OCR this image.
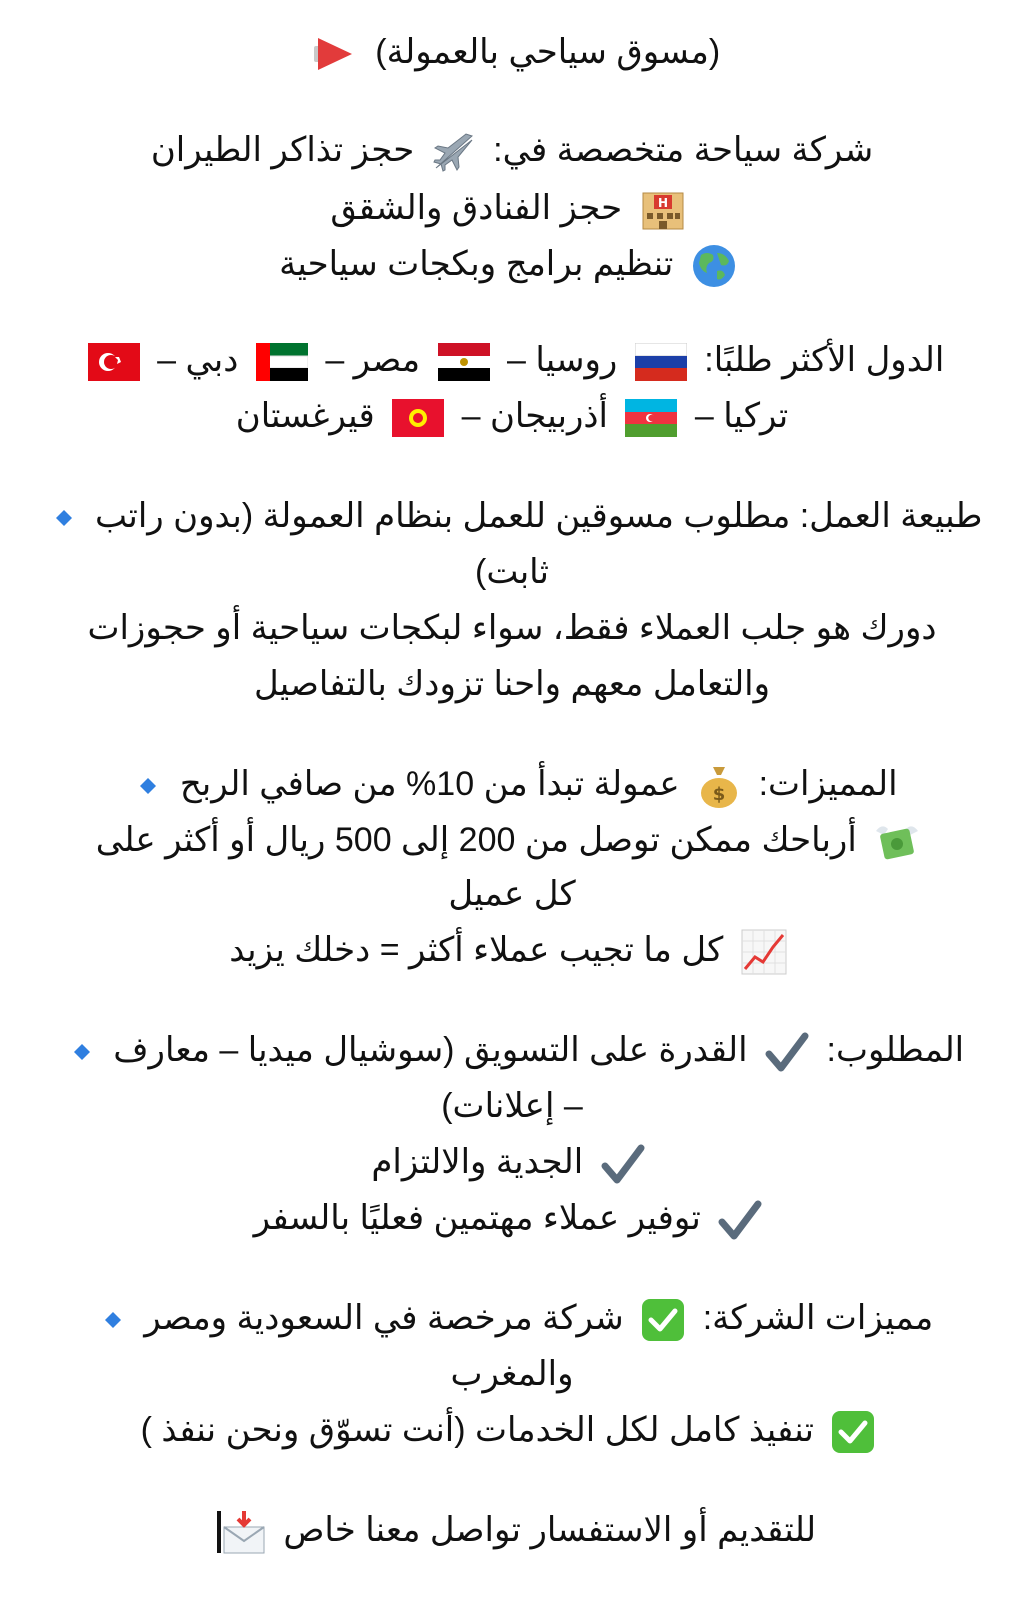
(مسوق سياحي بالعمولة)
شركة سياحة متخصصة في:
حجز تذاكر الطيران
H
حجز الفنادق والشقق
تنظيم برامج وبكجات سياحية
الدول الأكثر طلبًا:
روسيا –
مصر –
دبي –
تركيا –
أذربيجان –
قيرغستان
طبيعة العمل: مطلوب مسوقين للعمل بنظام العمولة (بدون راتب
ثابت)
دورك هو جلب العملاء فقط، سواء لبكجات سياحية أو حجوزات
والتعامل معهم واحنا تزودك بالتفاصيل
المميزات:
$
عمولة تبدأ من 10% من صافي الربح
أرباحك ممكن توصل من 200 إلى 500 ريال أو أكثر على
كل عميل
كل ما تجيب عملاء أكثر = دخلك يزيد
المطلوب:
القدرة على التسويق (سوشيال ميديا – معارف
– إعلانات)
الجدية والالتزام
توفير عملاء مهتمين فعليًا بالسفر
مميزات الشركة:
شركة مرخصة في السعودية ومصر
والمغرب
تنفيذ كامل لكل الخدمات (أنت تسوّق ونحن ننفذ )
للتقديم أو الاستفسار تواصل معنا خاص
